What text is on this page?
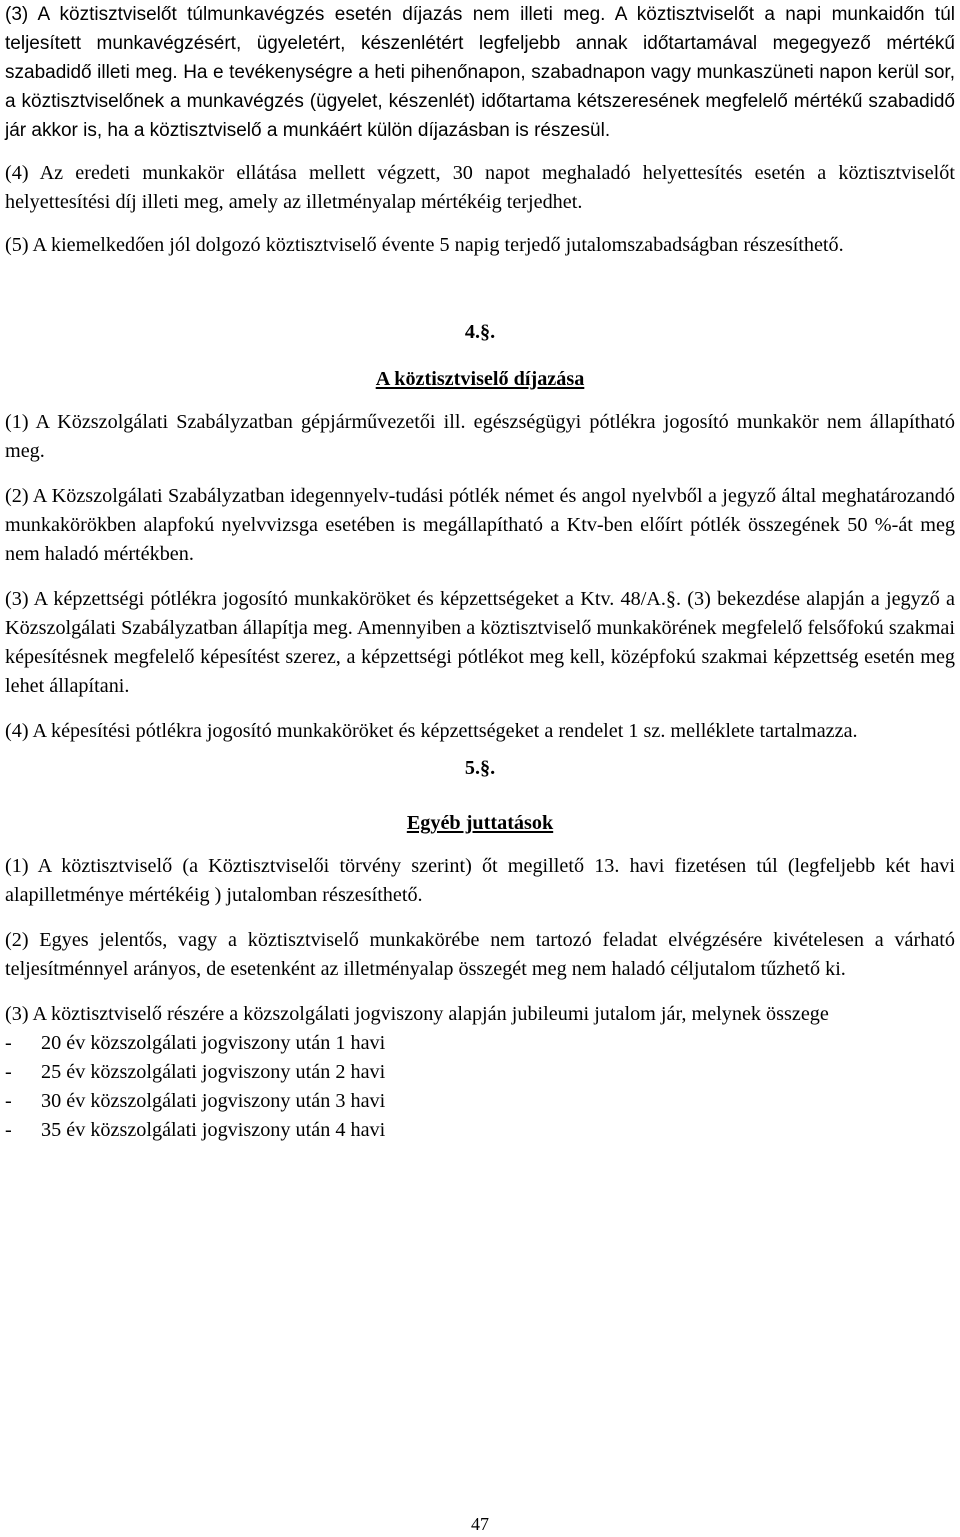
(3) A köztisztviselőt túlmunkavégzés esetén díjazás nem illeti meg. A köztisztviselőt a napi munkaidőn túl teljesített munkavégzésért, ügyeletért, készenlétért legfeljebb annak időtartamával megegyező mértékű szabadidő illeti meg. Ha e tevékenységre a heti pihenőnapon, szabadnapon vagy munkaszüneti napon kerül sor, a köztisztviselőnek a munkavégzés (ügyelet, készenlét) időtartama kétszeresének megfelelő mértékű szabadidő jár akkor is, ha a köztisztviselő a munkáért külön díjazásban is részesül.

(4) Az eredeti munkakör ellátása mellett végzett, 30 napot meghaladó helyettesítés esetén a köztisztviselőt helyettesítési díj illeti meg, amely az illetményalap mértékéig terjedhet.

(5) A kiemelkedően jól dolgozó köztisztviselő évente 5 napig terjedő jutalomszabadságban részesíthető.

4.§.

A köztisztviselő díjazása

(1) A Közszolgálati Szabályzatban gépjárművezetői ill. egészségügyi pótlékra jogosító munkakör nem állapítható meg.

(2) A Közszolgálati Szabályzatban idegennyelv-tudási pótlék német és angol nyelvből a jegyző által meghatározandó munkakörökben alapfokú nyelvvizsga esetében is megállapítható a Ktv-ben előírt pótlék összegének 50 %-át meg nem haladó mértékben.

(3) A képzettségi pótlékra jogosító munkaköröket és képzettségeket a Ktv. 48/A.§. (3) bekezdése alapján a jegyző a Közszolgálati Szabályzatban állapítja meg. Amennyiben a köztisztviselő munkakörének megfelelő felsőfokú szakmai képesítésnek megfelelő képesítést szerez, a képzettségi pótlékot meg kell, középfokú szakmai képzettség esetén meg lehet állapítani.

(4) A képesítési pótlékra jogosító munkaköröket és képzettségeket a rendelet 1 sz. melléklete tartalmazza.

5.§.

Egyéb juttatások

(1) A köztisztviselő (a Köztisztviselői törvény szerint) őt megillető 13. havi fizetésen túl (legfeljebb két havi alapilletménye mértékéig ) jutalomban részesíthető.

(2) Egyes jelentős, vagy a köztisztviselő munkakörébe nem tartozó feladat elvégzésére kivételesen a várható teljesítménnyel arányos, de esetenként az illetményalap összegét meg nem haladó céljutalom tűzhető ki.

(3) A köztisztviselő részére a közszolgálati jogviszony alapján jubileumi jutalom jár, melynek összege

-	20 év közszolgálati jogviszony után 1 havi
-	25 év közszolgálati jogviszony után 2 havi
-	30 év közszolgálati jogviszony után 3 havi
-	35 év közszolgálati jogviszony után 4 havi
47
